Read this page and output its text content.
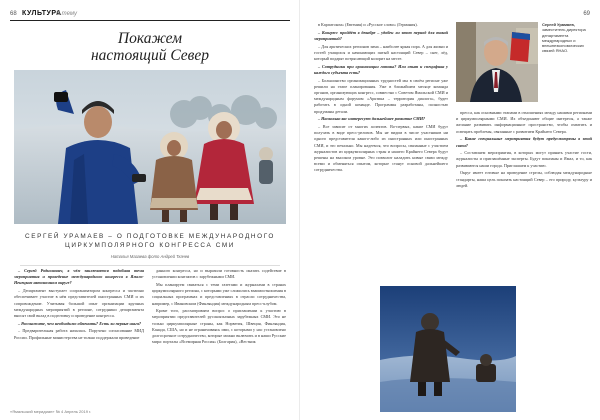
68 КУЛЬТУРА
В тему
Покажем
настоящий Север
СЕРГЕЙ УРАМАЕВ – О ПОДГОТОВКЕ МЕЖДУНАРОДНОГО ЦИРКУМПОЛЯРНОГО КОНГРЕССА СМИ
Наталья Мазаева фото Андрей Ткачев

– Сергей Родионович, в чём заключается подобная тема мероприятия и проведение международного конгресса в Ямало-Ненецком автономном округе?

– Департамент выступает соорганизатором конгресса и частично обеспечивает участие в нём представителей иностранных СМИ и их сопровождение. Учитывая большой опыт организации крупных международных мероприятий в регионе, сотрудники департамента вносят свой вклад в подготовку и проведение конгресса.

– Расскажите, чем необходимо обменить? Есть ли первые шаги?

– Предварительная работа началась. Поручено согласование МИД России. Профильные министерства не только поддержали проведение

данного конгресса, но и выразили готовность оказать содействие в установлении контактов с зарубежными СМИ.

Мы планируем связаться с теми газетами и журналами в странах циркумполярного региона, с которыми уже сложились взаимоотношения в социальных программах и представлениях в отрасли сотрудничества, например, с Ивановским (Финляндия) международным пресс-клубом.

Кроме того, рассматриваем вопрос о приглашении к участию в мероприятии представителей русскоязычных зарубежных СМИ. Это не только циркумполярные страны, как Норвегия, Швеция, Финляндия, Канада, США, но и не ограничиваясь ими, с которыми у нас установлено долгосрочное сотрудничество, которые можно включить и в наши Русские мира: порталы «Всемирная Россия» (Болгария), «Вестник

«Ямальский меридиан» № 4 Апрель 2019 г.
69

в Карпатском» (Евгения) и «Русское слово» (Германия).

– Конгресс пройдёт в декабре – удобен ли этот период для такой мероприятий?

– Для арктических регионов зима – наиболее яркая пора. А для жизни и гостей учащихся и начинающих пятый настоящий Север – снег, лёд, который подарят потрясающий колорит на месте.

– Сотрудники при организации готовы? Или опыт и специфика у каждого субъекта есть?

– Большинство организационных трудностей мы в своём регионе уже решили на этапе планирования. Уже в ближайшем месяце команда органов, организующих конгресс, совместно с Советом Ямальской СМИ и международным форумом «Арктика – территория диалога», будет работать в одной команде. Программы разработаны, полностью продуманы детали.

– Насколько вас интересует дальнейшее развитие СМИ?

– Все зависит от многих аспектов. Во-первых, какие СМИ будут получать в виде пресс-релизов. Мы не видим в числе участников ни одного представителя какого-либо из иностранных или иностранных СМИ, и это печально. Мы надеемся, что вопросы, связанные с участием журналистов из циркумполярных стран и нашего Крайнего Севера будут решены на высоком уровне. Это позволит наладить новые связи между всеми и обменяться опытом, которые станут основой дальнейшего сотрудничества.

Сергей Урамаев,
заместитель директора департамента международных и внешнеэкономических связей ЯНАО.

пресса, как основными этапами в отношениях между нашими регионами и циркумполярными СМИ. Их объединяют общие интересы, а также желание развивать информационное пространство, чтобы охватить и освещать проблемы, связанные с развитием Крайнего Севера.

– Какие специальные мероприятия будут предусмотрены в этой связи?

– Составляем мероприятия, в которых могут принять участие гости, журналисты и приглашённые эксперты. Будут показаны и Ямал, и то, как развиваются наши города. Приглашаем к участию.

Округ имеет готовые на проведение стрелы, соблюдая международные стандарты, наша цель показать настоящий Север – его природу, культуру и людей.
